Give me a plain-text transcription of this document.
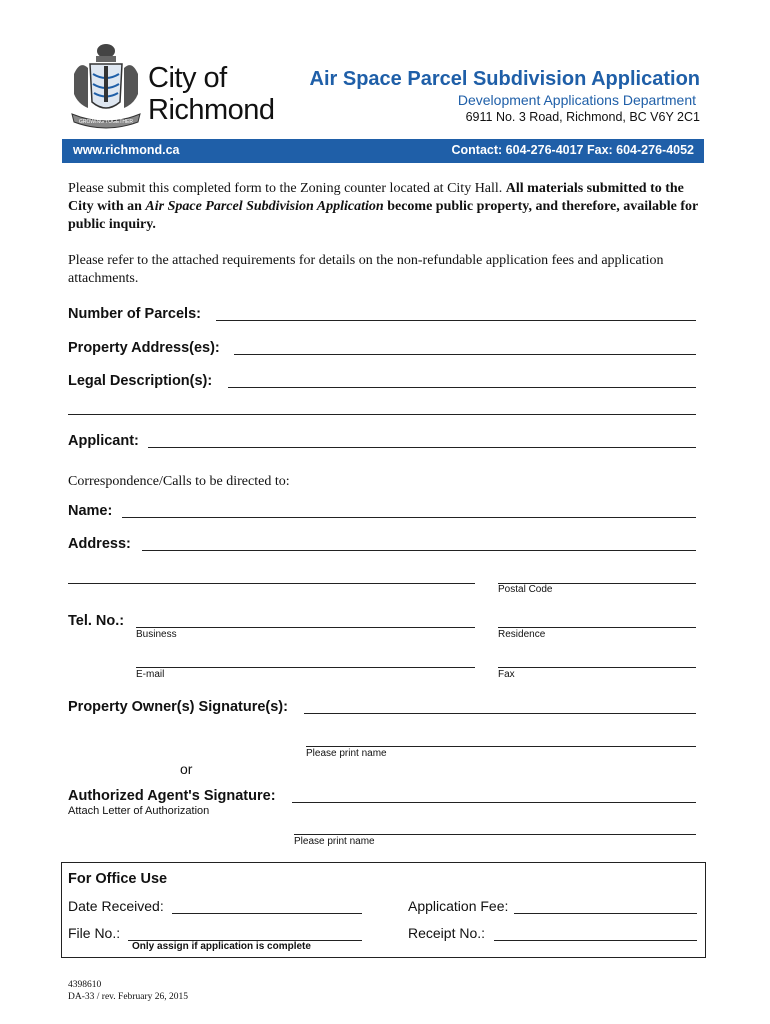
GROWING TOGETHER
City of
Richmond
Air Space Parcel Subdivision Application
Development Applications Department
6911 No. 3 Road, Richmond, BC V6Y 2C1
www.richmond.ca	Contact: 604-276-4017 Fax: 604-276-4052
Please submit this completed form to the Zoning counter located at City Hall. All materials submitted to the City with an Air Space Parcel Subdivision Application become public property, and therefore, available for public inquiry.
Please refer to the attached requirements for details on the non-refundable application fees and application attachments.
Number of Parcels:
Property Address(es):
Legal Description(s):
Applicant:
Correspondence/Calls to be directed to:
Name:
Address:
Postal Code
Tel. No.:
Business	Residence
E-mail	Fax
Property Owner(s) Signature(s):
Please print name
or
Authorized Agent's Signature:
Attach Letter of Authorization
Please print name
For Office Use
Date Received:	Application Fee:
File No.:	Receipt No.:
Only assign if application is complete
4398610
DA-33 / rev. February 26, 2015
